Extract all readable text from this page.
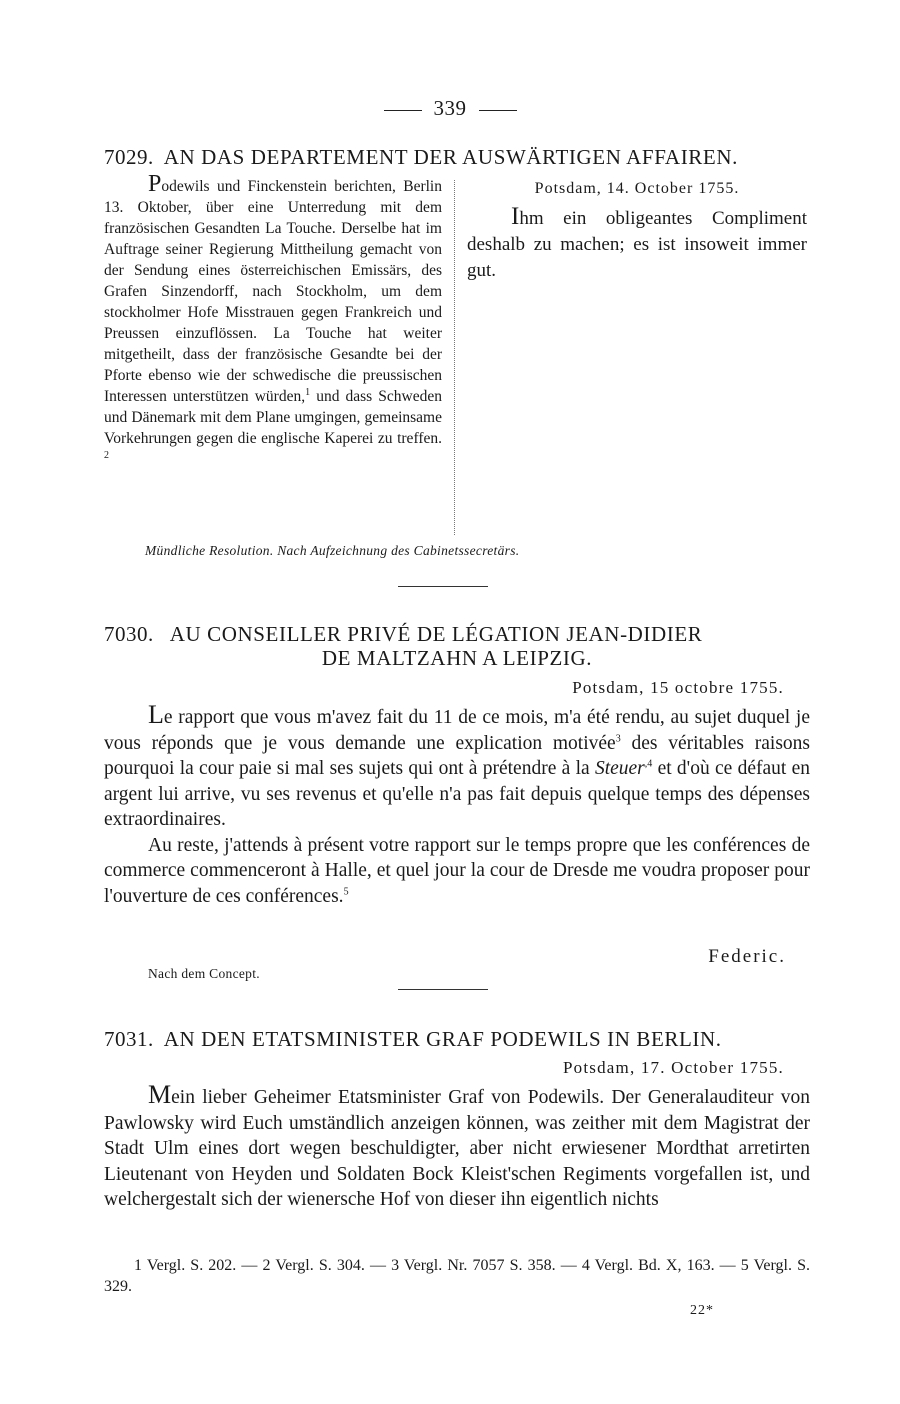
339
7029. AN DAS DEPARTEMENT DER AUSWÄRTIGEN AFFAIREN.

Podewils und Finckenstein berichten, Berlin 13. Oktober, über eine Unterredung mit dem französischen Gesandten La Touche. Derselbe hat im Auftrage seiner Regierung Mittheilung gemacht von der Sendung eines österreichischen Emissärs, des Grafen Sinzendorff, nach Stockholm, um dem stockholmer Hofe Misstrauen gegen Frankreich und Preussen einzuflössen. La Touche hat weiter mitgetheilt, dass der französische Gesandte bei der Pforte ebenso wie der schwedische die preussischen Interessen unterstützen würden,$^1$ und dass Schweden und Dänemark mit dem Plane umgingen, gemeinsame Vorkehrungen gegen die englische Kaperei zu treffen. $^2$

Potsdam, 14. October 1755.

Ihm ein obligeantes Compliment deshalb zu machen; es ist insoweit immer gut.

Mündliche Resolution. Nach Aufzeichnung des Cabinetssecretärs.
7030. AU CONSEILLER PRIVÉ DE LÉGATION JEAN-DIDIER
DE MALTZAHN A LEIPZIG.
Potsdam, 15 octobre 1755.

Le rapport que vous m'avez fait du 11 de ce mois, m'a été rendu, au sujet duquel je vous réponds que je vous demande une explication motivée$^3$ des véritables raisons pourquoi la cour paie si mal ses sujets qui ont à prétendre à la Steuer$^{,4}$ et d'où ce défaut en argent lui arrive, vu ses revenus et qu'elle n'a pas fait depuis quelque temps des dépenses extraordinaires.

Au reste, j'attends à présent votre rapport sur le temps propre que les conférences de commerce commenceront à Halle, et quel jour la cour de Dresde me voudra proposer pour l'ouverture de ces conférences.$^5$

Federic.
Nach dem Concept.
7031. AN DEN ETATSMINISTER GRAF PODEWILS IN BERLIN.
Potsdam, 17. October 1755.

Mein lieber Geheimer Etatsminister Graf von Podewils. Der Generalauditeur von Pawlowsky wird Euch umständlich anzeigen können, was zeither mit dem Magistrat der Stadt Ulm eines dort wegen beschuldigter, aber nicht erwiesener Mordthat arretirten Lieutenant von Heyden und Soldaten Bock Kleist'schen Regiments vorgefallen ist, und welchergestalt sich der wienersche Hof von dieser ihn eigentlich nichts

1 Vergl. S. 202. — 2 Vergl. S. 304. — 3 Vergl. Nr. 7057 S. 358. — 4 Vergl. Bd. X, 163. — 5 Vergl. S. 329.

22*
